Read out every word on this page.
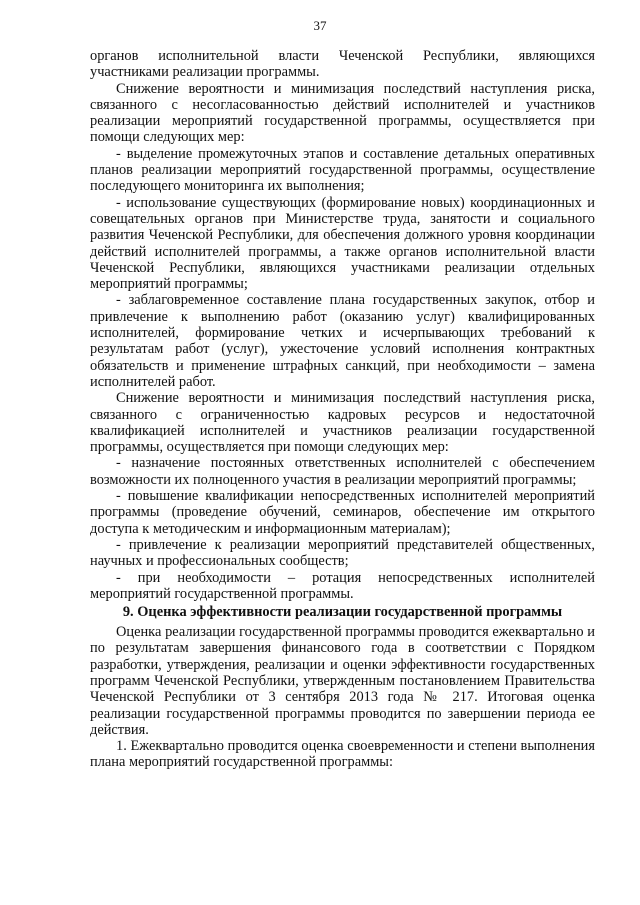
37

органов исполнительной власти Чеченской Республики, являющихся участниками реализации программы.

Снижение вероятности и минимизация последствий наступления риска, связанного с несогласованностью действий исполнителей и участников реализации мероприятий государственной программы, осуществляется при помощи следующих мер:

- выделение промежуточных этапов и составление детальных оперативных планов реализации мероприятий государственной программы, осуществление последующего мониторинга их выполнения;

- использование существующих (формирование новых) координационных и совещательных органов при Министерстве труда, занятости и социального развития Чеченской Республики, для обеспечения должного уровня координации действий исполнителей программы, а также органов исполнительной власти Чеченской Республики, являющихся участниками реализации отдельных мероприятий программы;

- заблаговременное составление плана государственных закупок, отбор и привлечение к выполнению работ (оказанию услуг) квалифицированных исполнителей, формирование четких и исчерпывающих требований к результатам работ (услуг), ужесточение условий исполнения контрактных обязательств и применение штрафных санкций, при необходимости – замена исполнителей работ.

Снижение вероятности и минимизация последствий наступления риска, связанного с ограниченностью кадровых ресурсов и недостаточной квалификацией исполнителей и участников реализации государственной программы, осуществляется при помощи следующих мер:

- назначение постоянных ответственных исполнителей с обеспечением возможности их полноценного участия в реализации мероприятий программы;

- повышение квалификации непосредственных исполнителей мероприятий программы (проведение обучений, семинаров, обеспечение им открытого доступа к методическим и информационным материалам);

- привлечение к реализации мероприятий представителей общественных, научных и профессиональных сообществ;

- при необходимости – ротация непосредственных исполнителей мероприятий государственной программы.

9. Оценка эффективности реализации государственной программы

Оценка реализации государственной программы проводится ежеквартально и по результатам завершения финансового года в соответствии с Порядком разработки, утверждения, реализации и оценки эффективности государственных программ Чеченской Республики, утвержденным постановлением Правительства Чеченской Республики от 3 сентября 2013 года № 217. Итоговая оценка реализации государственной программы проводится по завершении периода ее действия.

1. Ежеквартально проводится оценка своевременности и степени выполнения плана мероприятий государственной программы:
